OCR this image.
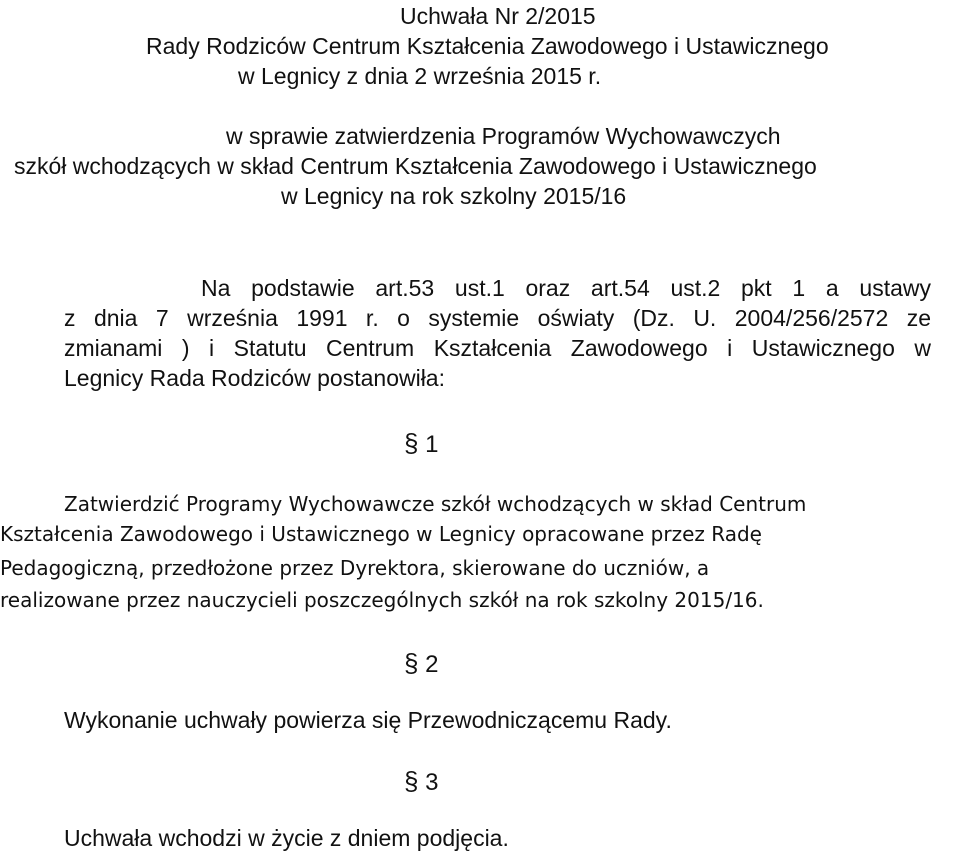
Uchwała Nr 2/2015
Rady Rodziców Centrum Kształcenia Zawodowego i Ustawicznego
w Legnicy z dnia 2 września 2015 r.
w sprawie zatwierdzenia Programów Wychowawczych
szkół wchodzących w skład Centrum Kształcenia Zawodowego i Ustawicznego
w Legnicy na rok szkolny 2015/16
Na podstawie art.53 ust.1 oraz art.54 ust.2 pkt 1 a ustawy
z dnia 7 września 1991 r. o systemie oświaty (Dz. U. 2004/256/2572 ze
zmianami ) i Statutu Centrum Kształcenia Zawodowego i Ustawicznego w
Legnicy Rada Rodziców postanowiła:
§ 1
Zatwierdzić Programy Wychowawcze szkół wchodzących w skład Centrum
Kształcenia Zawodowego i Ustawicznego w Legnicy opracowane przez Radę
Pedagogiczną, przedłożone przez Dyrektora, skierowane do uczniów, a
realizowane przez nauczycieli poszczególnych szkół na rok szkolny 2015/16.
§ 2
Wykonanie uchwały powierza się Przewodniczącemu Rady.
§ 3
Uchwała wchodzi w życie z dniem podjęcia.
